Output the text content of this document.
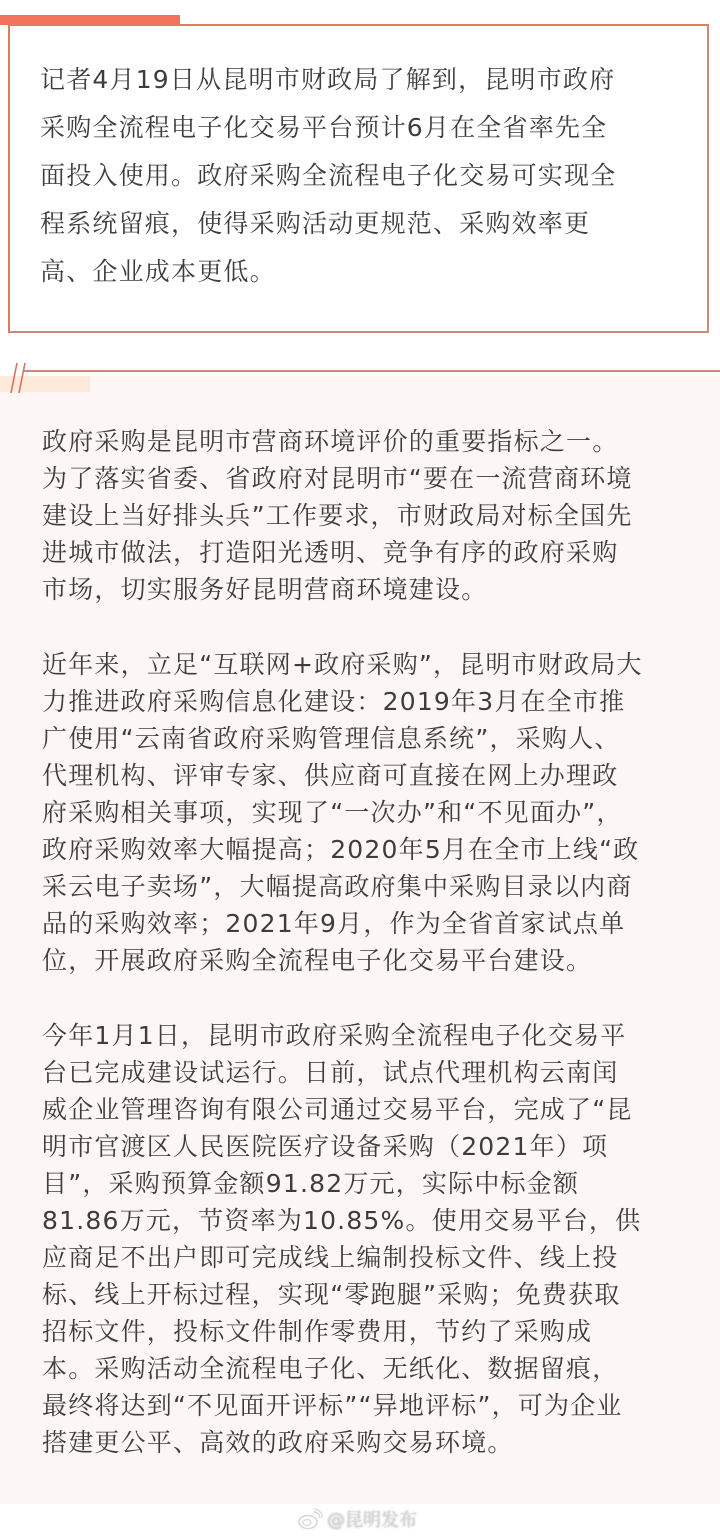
记者4月19日从昆明市财政局了解到，昆明市政府
采购全流程电子化交易平台预计6月在全省率先全
面投入使用。政府采购全流程电子化交易可实现全
程系统留痕，使得采购活动更规范、采购效率更
高、企业成本更低。

政府采购是昆明市营商环境评价的重要指标之一。

为了落实省委、省政府对昆明市“要在一流营商环境

建设上当好排头兵”工作要求，市财政局对标全国先

进城市做法，打造阳光透明、竞争有序的政府采购

市场，切实服务好昆明营商环境建设。

近年来，立足“互联网+政府采购”，昆明市财政局大

力推进政府采购信息化建设：2019年3月在全市推

广使用“云南省政府采购管理信息系统”，采购人、

代理机构、评审专家、供应商可直接在网上办理政

府采购相关事项，实现了“一次办”和“不见面办”，

政府采购效率大幅提高；2020年5月在全市上线“政

采云电子卖场”，大幅提高政府集中采购目录以内商

品的采购效率；2021年9月，作为全省首家试点单

位，开展政府采购全流程电子化交易平台建设。

今年1月1日，昆明市政府采购全流程电子化交易平

台已完成建设试运行。日前，试点代理机构云南闰

威企业管理咨询有限公司通过交易平台，完成了“昆

明市官渡区人民医院医疗设备采购（2021年）项

目”，采购预算金额91.82万元，实际中标金额

81.86万元，节资率为10.85%。使用交易平台，供

应商足不出户即可完成线上编制投标文件、线上投

标、线上开标过程，实现“零跑腿”采购；免费获取

招标文件，投标文件制作零费用，节约了采购成

本。采购活动全流程电子化、无纸化、数据留痕，

最终将达到“不见面开评标”“异地评标”，可为企业

搭建更公平、高效的政府采购交易环境。

@昆明发布
